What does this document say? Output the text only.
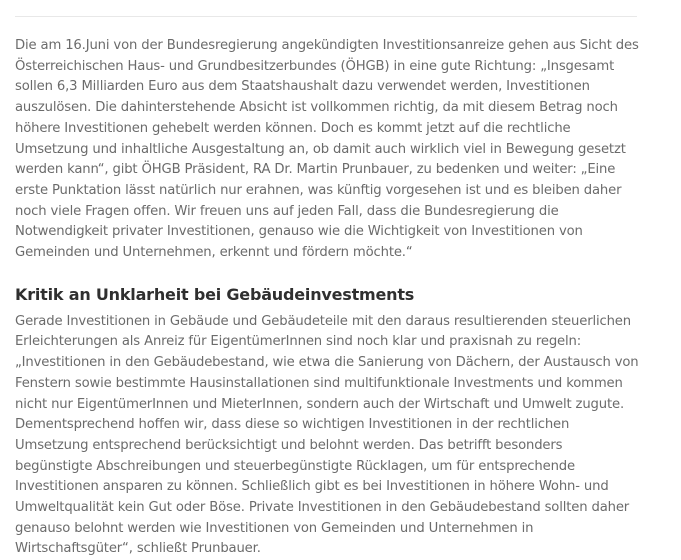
Die am 16.Juni von der Bundesregierung angekündigten Investitionsanreize gehen aus Sicht des Österreichischen Haus- und Grundbesitzerbundes (ÖHGB) in eine gute Richtung: „Insgesamt sollen 6,3 Milliarden Euro aus dem Staatshaushalt dazu verwendet werden, Investitionen auszulösen. Die dahinterstehende Absicht ist vollkommen richtig, da mit diesem Betrag noch höhere Investitionen gehebelt werden können. Doch es kommt jetzt auf die rechtliche Umsetzung und inhaltliche Ausgestaltung an, ob damit auch wirklich viel in Bewegung gesetzt werden kann“, gibt ÖHGB Präsident, RA Dr. Martin Prunbauer, zu bedenken und weiter: „Eine erste Punktation lässt natürlich nur erahnen, was künftig vorgesehen ist und es bleiben daher noch viele Fragen offen. Wir freuen uns auf jeden Fall, dass die Bundesregierung die Notwendigkeit privater Investitionen, genauso wie die Wichtigkeit von Investitionen von Gemeinden und Unternehmen, erkennt und fördern möchte.“

Kritik an Unklarheit bei Gebäudeinvestments

Gerade Investitionen in Gebäude und Gebäudeteile mit den daraus resultierenden steuerlichen Erleichterungen als Anreiz für EigentümerInnen sind noch klar und praxisnah zu regeln: „Investitionen in den Gebäudebestand, wie etwa die Sanierung von Dächern, der Austausch von Fenstern sowie bestimmte Hausinstallationen sind multifunktionale Investments und kommen nicht nur EigentümerInnen und MieterInnen, sondern auch der Wirtschaft und Umwelt zugute. Dementsprechend hoffen wir, dass diese so wichtigen Investitionen in der rechtlichen Umsetzung entsprechend berücksichtigt und belohnt werden. Das betrifft besonders begünstigte Abschreibungen und steuerbegünstigte Rücklagen, um für entsprechende Investitionen ansparen zu können. Schließlich gibt es bei Investitionen in höhere Wohn- und Umweltqualität kein Gut oder Böse. Private Investitionen in den Gebäudebestand sollten daher genauso belohnt werden wie Investitionen von Gemeinden und Unternehmen in Wirtschaftsgüter“, schließt Prunbauer.
